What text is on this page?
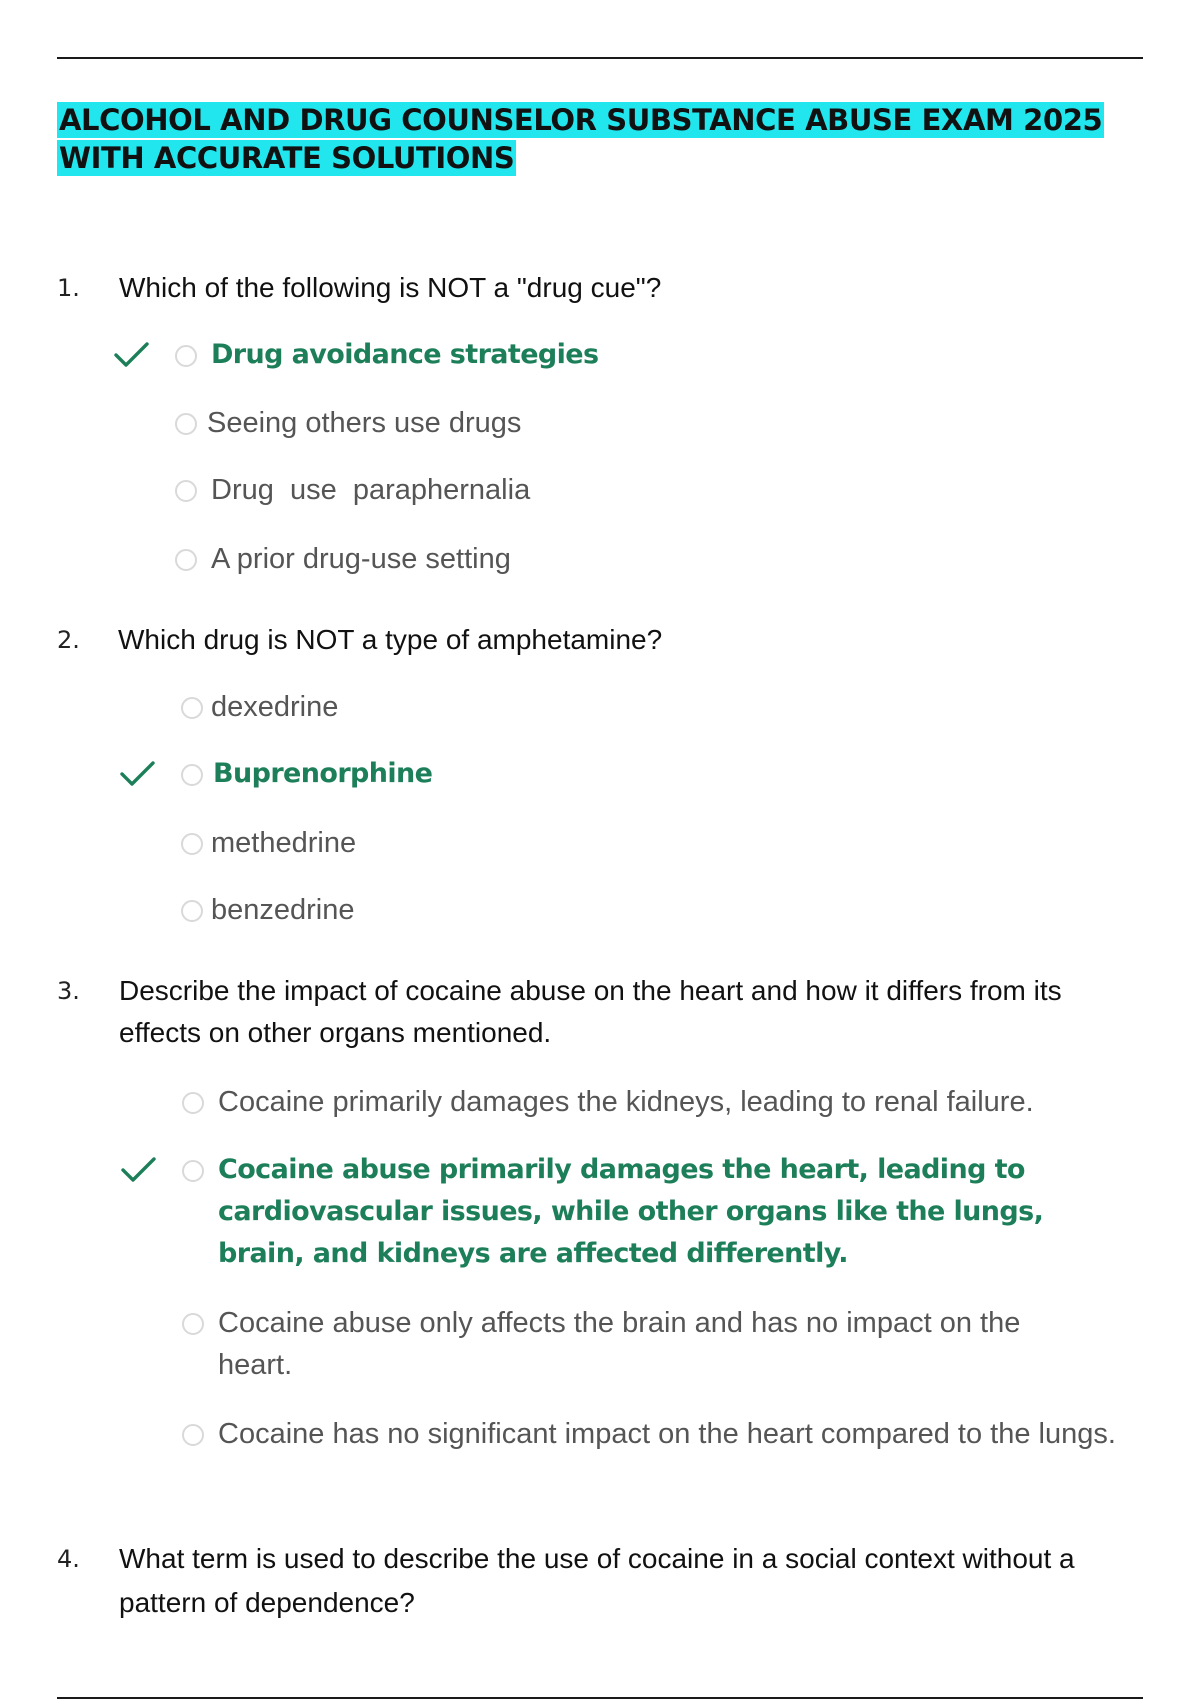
ALCOHOL AND DRUG COUNSELOR SUBSTANCE ABUSE EXAM 2025 WITH ACCURATE SOLUTIONS
1. Which of the following is NOT a "drug cue"?
Drug avoidance strategies
Seeing others use drugs
Drug  use  paraphernalia
A prior drug-use setting
2. Which drug is NOT a type of amphetamine?
dexedrine
Buprenorphine
methedrine
benzedrine
3. Describe the impact of cocaine abuse on the heart and how it differs from its effects on other organs mentioned.
Cocaine primarily damages the kidneys, leading to renal failure.
Cocaine abuse primarily damages the heart, leading to cardiovascular issues, while other organs like the lungs, brain, and kidneys are affected differently.
Cocaine abuse only affects the brain and has no impact on the heart.
Cocaine has no significant impact on the heart compared to the lungs.
4. What term is used to describe the use of cocaine in a social context without a pattern of dependence?
